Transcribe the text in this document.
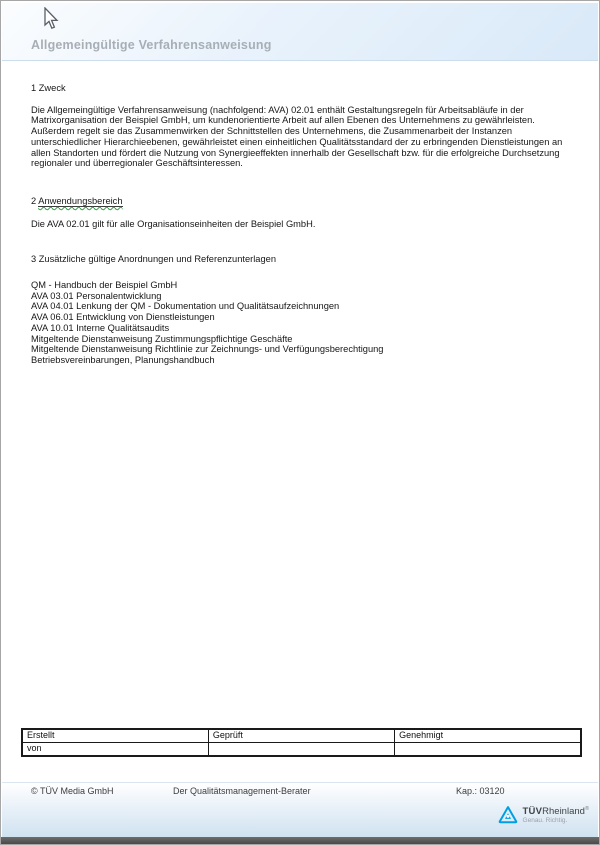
Allgemeingültige Verfahrensanweisung
1 Zweck
Die Allgemeingültige Verfahrensanweisung (nachfolgend: AVA) 02.01 enthält Gestaltungsregeln für Arbeitsabläufe in der Matrixorganisation der Beispiel GmbH, um kundenorientierte Arbeit auf allen Ebenen des Unternehmens zu gewährleisten. Außerdem regelt sie das Zusammenwirken der Schnittstellen des Unternehmens, die Zusammenarbeit der Instanzen unterschiedlicher Hierarchieebenen, gewährleistet einen einheitlichen Qualitätsstandard der zu erbringenden Dienstleistungen an allen Standorten und fördert die Nutzung von Synergieeffekten innerhalb der Gesellschaft bzw. für die erfolgreiche Durchsetzung regionaler und überregionaler Geschäftsinteressen.
2 Anwendungsbereich
Die AVA 02.01 gilt für alle Organisationseinheiten der Beispiel GmbH.
3 Zusätzliche gültige Anordnungen und Referenzunterlagen
QM - Handbuch der Beispiel GmbH
AVA 03.01 Personalentwicklung
AVA 04.01 Lenkung der QM - Dokumentation und Qualitätsaufzeichnungen
AVA 06.01 Entwicklung von Dienstleistungen
AVA 10.01 Interne Qualitätsaudits
Mitgeltende Dienstanweisung Zustimmungspflichtige Geschäfte
Mitgeltende Dienstanweisung Richtlinie zur Zeichnungs- und Verfügungsberechtigung
Betriebsvereinbarungen, Planungshandbuch
Erstellt	Geprüft	Genehmigt
von		
© TÜV Media GmbH	Der Qualitätsmanagement-Berater	Kap.: 03120
TÜVRheinland®
Genau. Richtig.
